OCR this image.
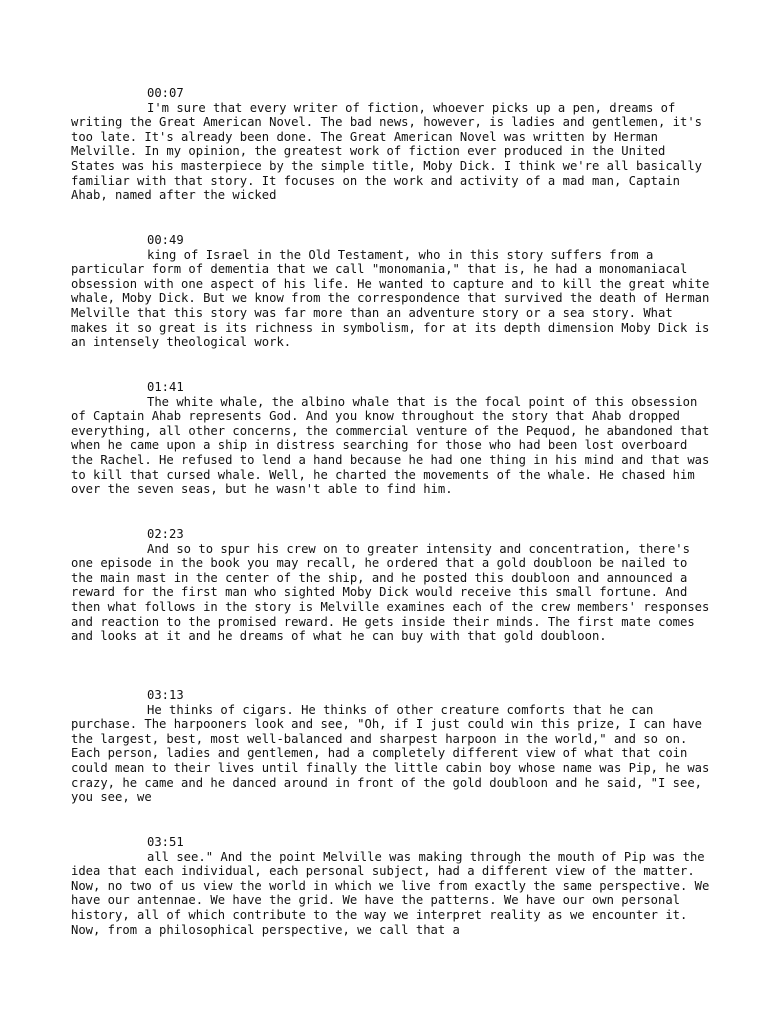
00:07

I'm sure that every writer of fiction, whoever picks up a pen, dreams of writing the Great American Novel. The bad news, however, is ladies and gentlemen, it's too late. It's already been done. The Great American Novel was written by Herman Melville. In my opinion, the greatest work of fiction ever produced in the United States was his masterpiece by the simple title, Moby Dick. I think we're all basically familiar with that story. It focuses on the work and activity of a mad man, Captain Ahab, named after the wicked

00:49

king of Israel in the Old Testament, who in this story suffers from a particular form of dementia that we call "monomania," that is, he had a monomaniacal obsession with one aspect of his life. He wanted to capture and to kill the great white whale, Moby Dick. But we know from the correspondence that survived the death of Herman Melville that this story was far more than an adventure story or a sea story. What makes it so great is its richness in symbolism, for at its depth dimension Moby Dick is an intensely theological work.

01:41

The white whale, the albino whale that is the focal point of this obsession of Captain Ahab represents God. And you know throughout the story that Ahab dropped everything, all other concerns, the commercial venture of the Pequod, he abandoned that when he came upon a ship in distress searching for those who had been lost overboard the Rachel. He refused to lend a hand because he had one thing in his mind and that was to kill that cursed whale. Well, he charted the movements of the whale. He chased him over the seven seas, but he wasn't able to find him.

02:23

And so to spur his crew on to greater intensity and concentration, there's one episode in the book you may recall, he ordered that a gold doubloon be nailed to the main mast in the center of the ship, and he posted this doubloon and announced a reward for the first man who sighted Moby Dick would receive this small fortune. And then what follows in the story is Melville examines each of the crew members' responses and reaction to the promised reward. He gets inside their minds. The first mate comes and looks at it and he dreams of what he can buy with that gold doubloon.

03:13

He thinks of cigars. He thinks of other creature comforts that he can purchase. The harpooners look and see, "Oh, if I just could win this prize, I can have the largest, best, most well-balanced and sharpest harpoon in the world," and so on. Each person, ladies and gentlemen, had a completely different view of what that coin could mean to their lives until finally the little cabin boy whose name was Pip, he was crazy, he came and he danced around in front of the gold doubloon and he said, "I see, you see, we

03:51

all see." And the point Melville was making through the mouth of Pip was the idea that each individual, each personal subject, had a different view of the matter. Now, no two of us view the world in which we live from exactly the same perspective. We have our antennae. We have the grid. We have the patterns. We have our own personal history, all of which contribute to the way we interpret reality as we encounter it. Now, from a philosophical perspective, we call that a
